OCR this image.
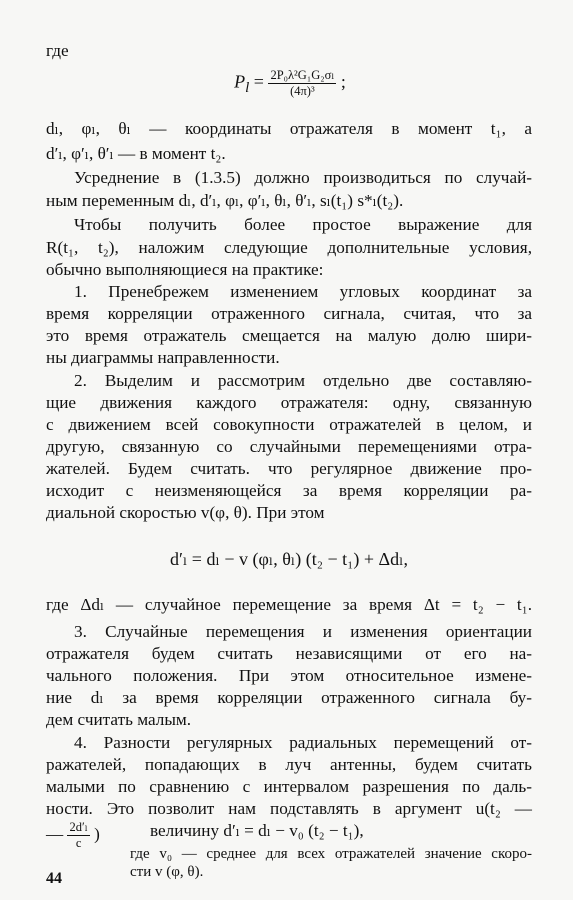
где
$P_l = \frac{\text{2P₀λ²G₁G₂σₗ}}{\text{(4π)³}}$ ;
dₗ, φₗ, θₗ — координаты отражателя в момент t₁, а
d′ₗ, φ′ₗ, θ′ₗ — в момент t₂.
Усреднение в (1.3.5) должно производиться по случай-
ным переменным dₗ, d′ₗ, φₗ, φ′ₗ, θₗ, θ′ₗ, sₗ(t₁) s*ₗ(t₂).
Чтобы получить более простое выражение для
R(t₁, t₂), наложим следующие дополнительные условия,
обычно выполняющиеся на практике:
1. Пренебрежем изменением угловых координат за
время корреляции отраженного сигнала, считая, что за
это время отражатель смещается на малую долю шири-
ны диаграммы направленности.
2. Выделим и рассмотрим отдельно две составляю-
щие движения каждого отражателя: одну, связанную
с движением всей совокупности отражателей в целом, и
другую, связанную со случайными перемещениями отра-
жателей. Будем считать. что регулярное движение про-
исходит с неизменяющейся за время корреляции ра-
диальной скоростью v(φ, θ). При этом
d′ₗ = dₗ − v (φₗ, θₗ) (t₂ − t₁) + Δdₗ,
где Δdₗ — случайное перемещение за время Δt = t₂ − t₁.
3. Случайные перемещения и изменения ориентации
отражателя будем считать независящими от его на-
чального положения. При этом относительное измене-
ние dₗ за время корреляции отраженного сигнала бу-
дем считать малым.
4. Разности регулярных радиальных перемещений от-
ражателей, попадающих в луч антенны, будем считать
малыми по сравнению с интервалом разрешения по даль-
ности. Это позволит нам подставлять в аргумент u(t₂ —
— $\frac{\text{2d′ₗ}}{c}$ )	величину d′ₗ = dₗ − v₀ (t₂ − t₁),
где v₀ — среднее для всех отражателей значение скоро-
сти v (φ, θ).
44
